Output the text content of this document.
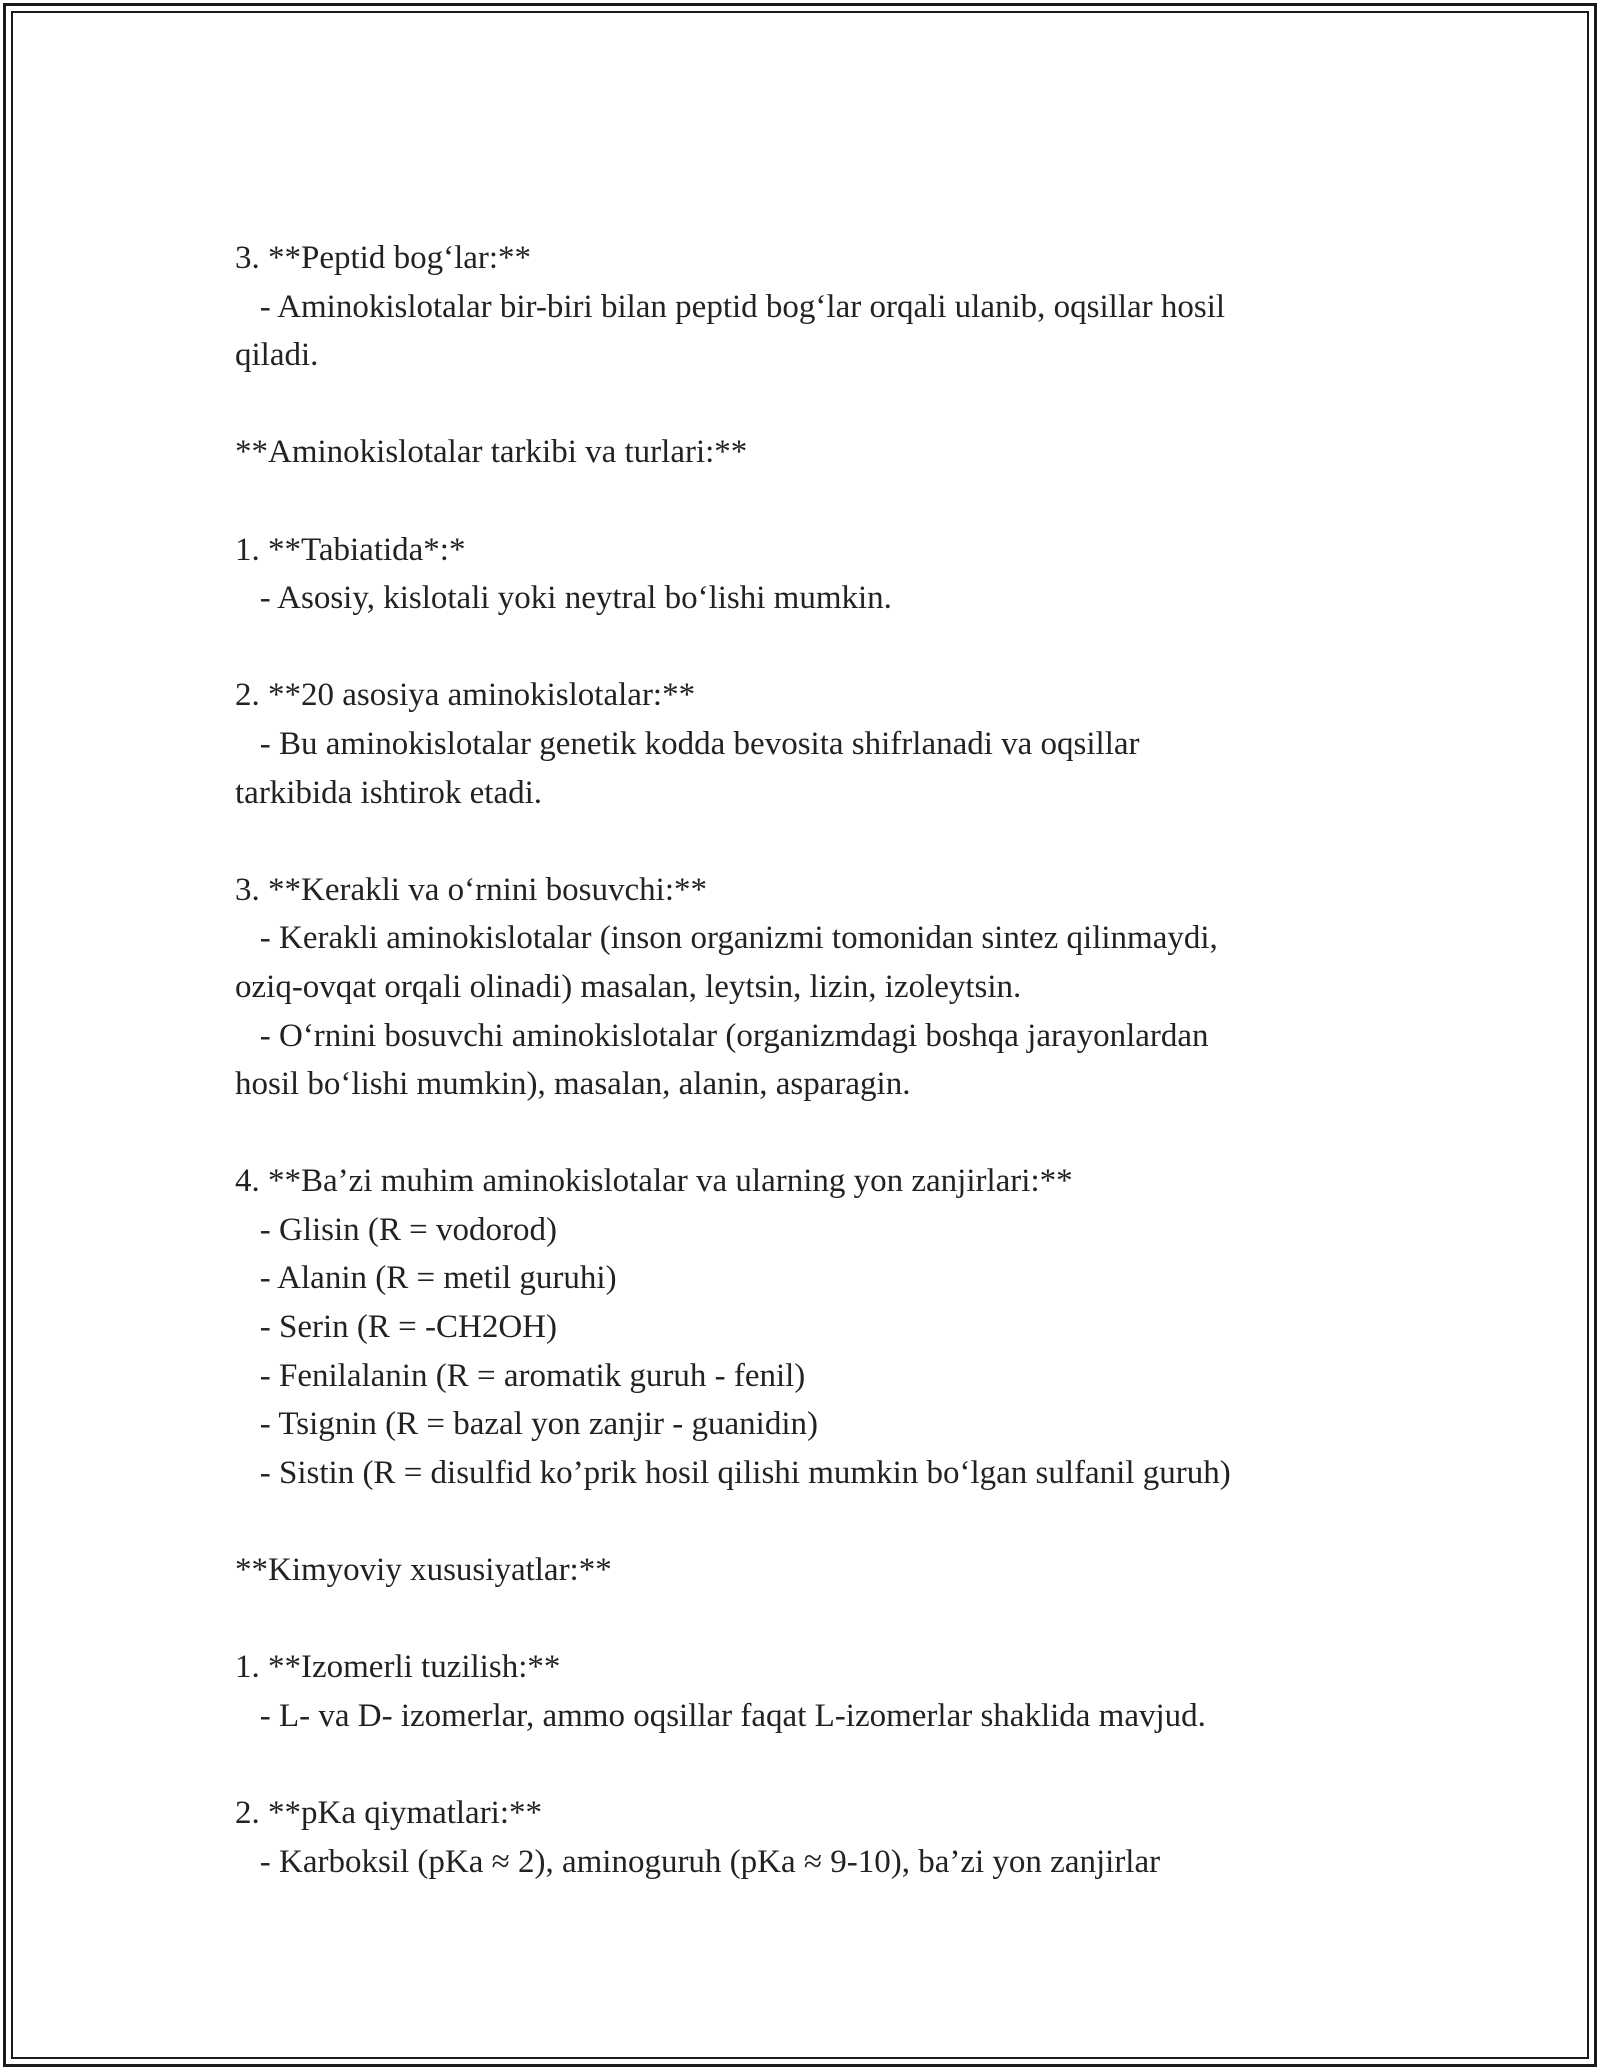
3. **Peptid bog‘lar:**
- Aminokislotalar bir-biri bilan peptid bog‘lar orqali ulanib, oqsillar hosil
qiladi.
**Aminokislotalar tarkibi va turlari:**
1. **Tabiatida*:*
- Asosiy, kislotali yoki neytral bo‘lishi mumkin.
2. **20 asosiya aminokislotalar:**
- Bu aminokislotalar genetik kodda bevosita shifrlanadi va oqsillar
tarkibida ishtirok etadi.
3. **Kerakli va o‘rnini bosuvchi:**
- Kerakli aminokislotalar (inson organizmi tomonidan sintez qilinmaydi,
oziq-ovqat orqali olinadi) masalan, leytsin, lizin, izoleytsin.
- O‘rnini bosuvchi aminokislotalar (organizmdagi boshqa jarayonlardan
hosil bo‘lishi mumkin), masalan, alanin, asparagin.
4. **Ba’zi muhim aminokislotalar va ularning yon zanjirlari:**
- Glisin (R = vodorod)
- Alanin (R = metil guruhi)
- Serin (R = -CH2OH)
- Fenilalanin (R = aromatik guruh - fenil)
- Tsignin (R = bazal yon zanjir - guanidin)
- Sistin (R = disulfid ko’prik hosil qilishi mumkin bo‘lgan sulfanil guruh)
**Kimyoviy xususiyatlar:**
1. **Izomerli tuzilish:**
- L- va D- izomerlar, ammo oqsillar faqat L-izomerlar shaklida mavjud.
2. **pKa qiymatlari:**
- Karboksil (pKa ≈ 2), aminoguruh (pKa ≈ 9-10), ba’zi yon zanjirlar
